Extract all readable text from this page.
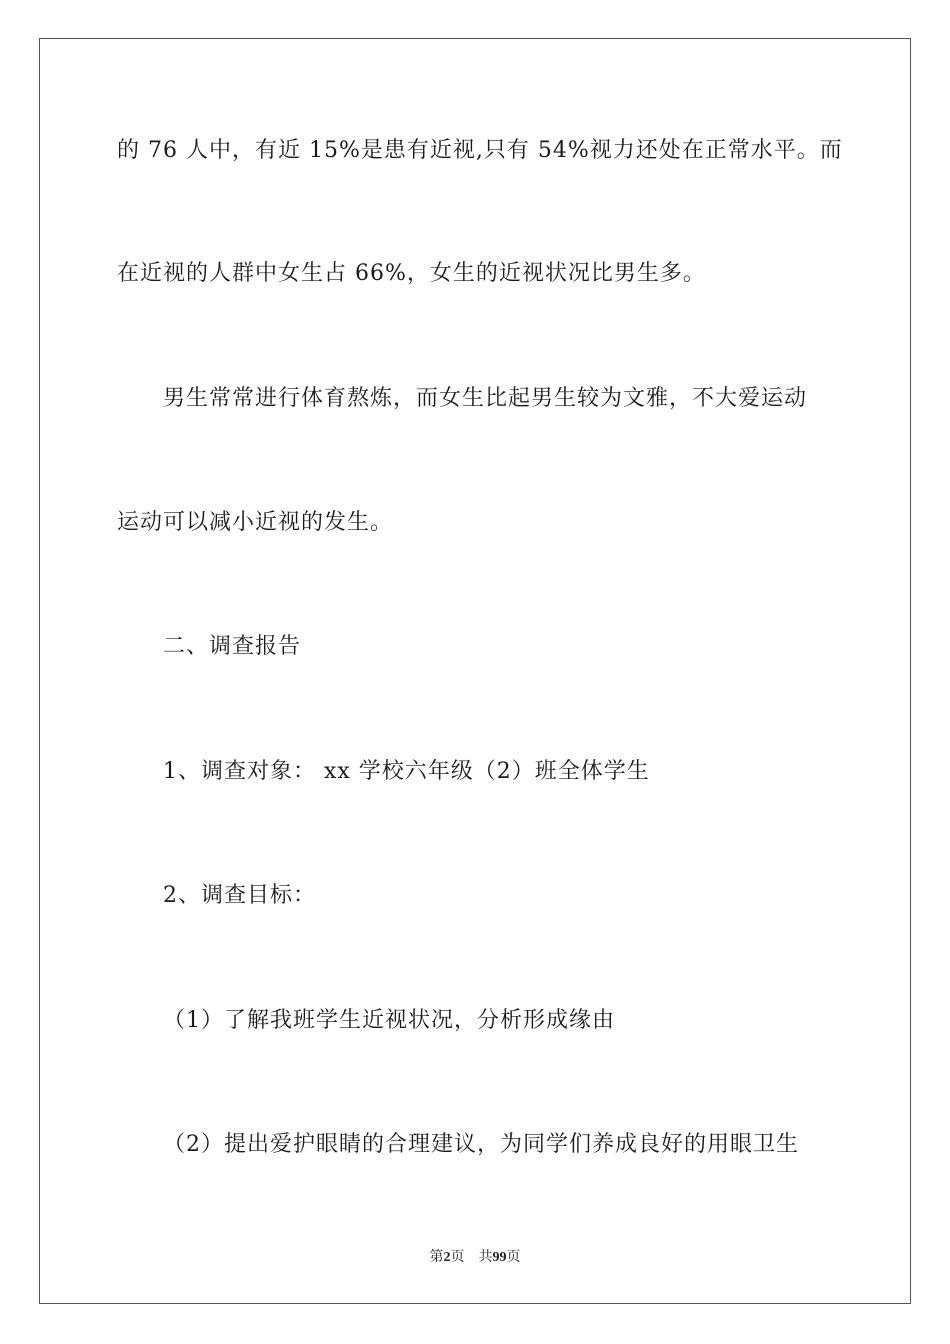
的 76 人中，有近 15%是患有近视,只有 54%视力还处在正常水平。而
在近视的人群中女生占 66%，女生的近视状况比男生多。
男生常常进行体育熬炼，而女生比起男生较为文雅，不大爱运动
运动可以减小近视的发生。
二、调查报告
1、调查对象： xx 学校六年级（2）班全体学生
2、调查目标：
（1）了解我班学生近视状况，分析形成缘由
（2）提出爱护眼睛的合理建议，为同学们养成良好的用眼卫生
第2页 共99页
